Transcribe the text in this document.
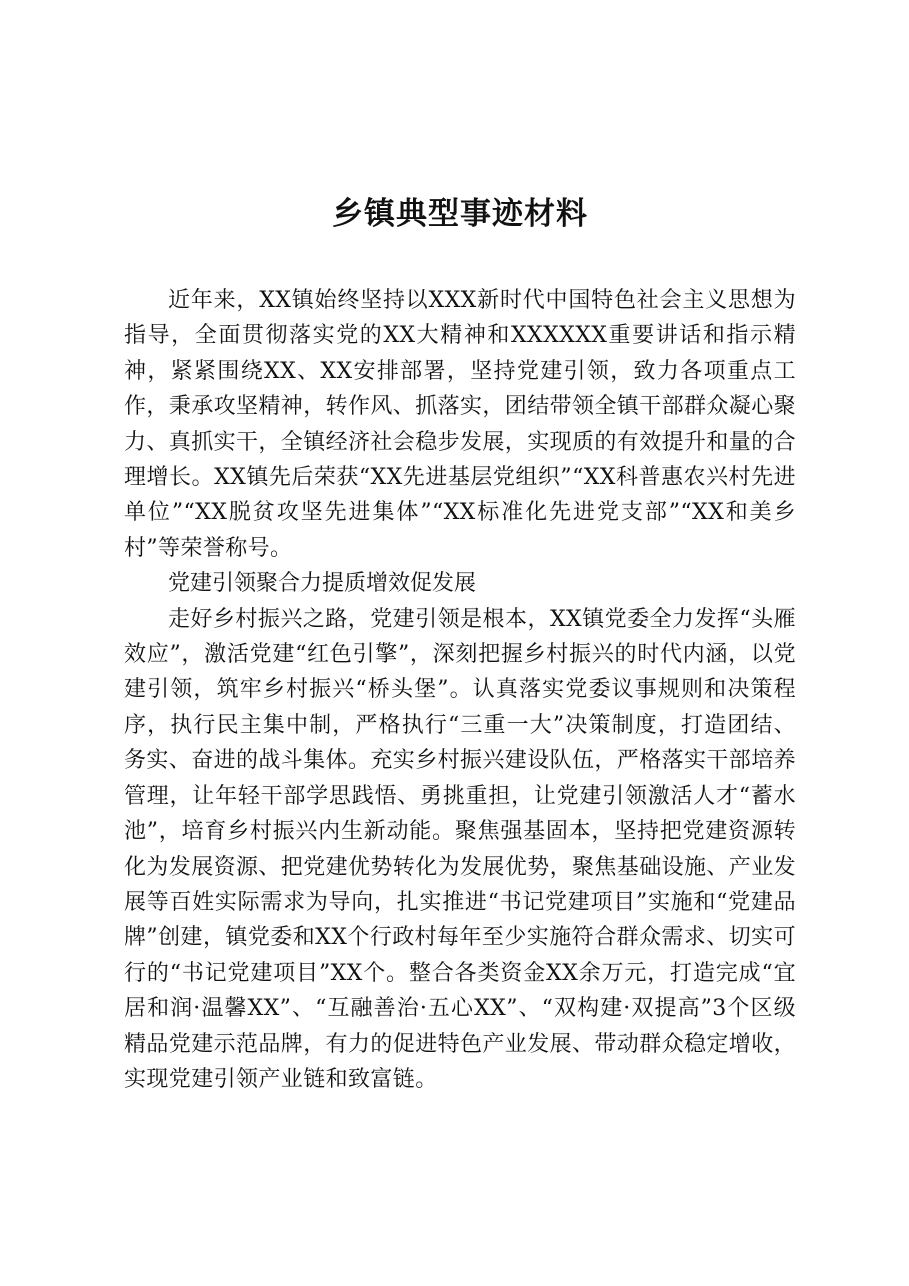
乡镇典型事迹材料

近年来，XX镇始终坚持以XXX新时代中国特色社会主义思想为指导，全面贯彻落实党的XX大精神和XXXXXX重要讲话和指示精神，紧紧围绕XX、XX安排部署，坚持党建引领，致力各项重点工作，秉承攻坚精神，转作风、抓落实，团结带领全镇干部群众凝心聚力、真抓实干，全镇经济社会稳步发展，实现质的有效提升和量的合理增长。XX镇先后荣获“XX先进基层党组织”“XX科普惠农兴村先进单位”“XX脱贫攻坚先进集体”“XX标准化先进党支部”“XX和美乡村”等荣誉称号。

党建引领聚合力提质增效促发展

走好乡村振兴之路，党建引领是根本，XX镇党委全力发挥“头雁效应”，激活党建“红色引擎”，深刻把握乡村振兴的时代内涵，以党建引领，筑牢乡村振兴“桥头堡”。认真落实党委议事规则和决策程序，执行民主集中制，严格执行“三重一大”决策制度，打造团结、务实、奋进的战斗集体。充实乡村振兴建设队伍，严格落实干部培养管理，让年轻干部学思践悟、勇挑重担，让党建引领激活人才“蓄水池”，培育乡村振兴内生新动能。聚焦强基固本，坚持把党建资源转化为发展资源、把党建优势转化为发展优势，聚焦基础设施、产业发展等百姓实际需求为导向，扎实推进“书记党建项目”实施和“党建品牌”创建，镇党委和XX个行政村每年至少实施符合群众需求、切实可行的“书记党建项目”XX个。整合各类资金XX余万元，打造完成“宜居和润·温馨XX”、“互融善治·五心XX”、“双构建·双提高”3个区级精品党建示范品牌，有力的促进特色产业发展、带动群众稳定增收，实现党建引领产业链和致富链。
